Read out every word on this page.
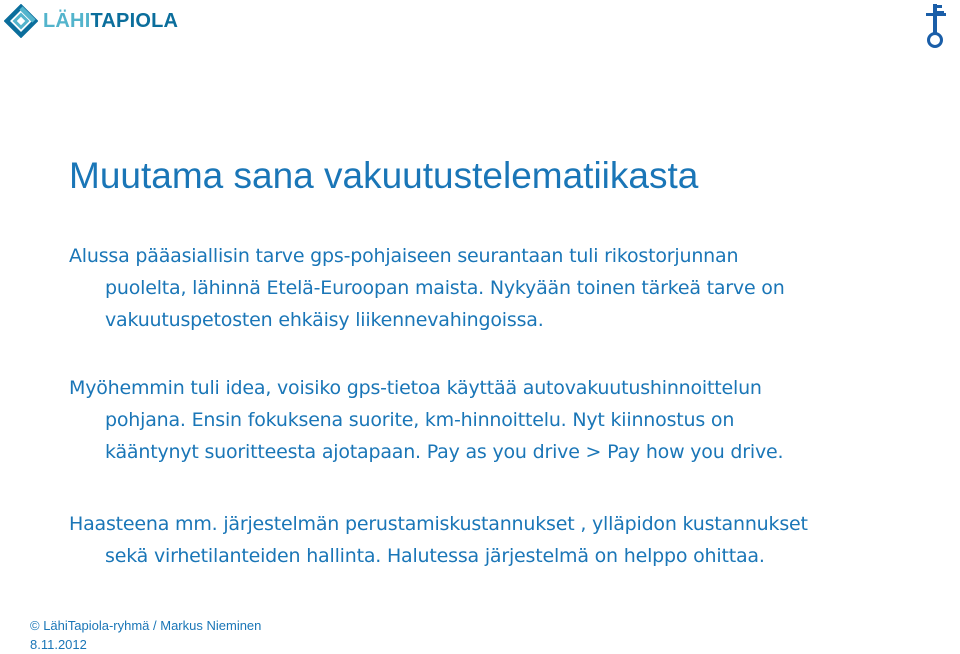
LÄHITAPIOLA
Muutama sana vakuutustelematiikasta

Alussa pääasiallisin tarve gps-pohjaiseen seurantaan tuli rikostorjunnan
puolelta, lähinnä Etelä-Euroopan maista. Nykyään toinen tärkeä tarve on
vakuutuspetosten ehkäisy liikennevahingoissa.

Myöhemmin tuli idea, voisiko gps-tietoa käyttää autovakuutushinnoittelun
pohjana. Ensin fokuksena suorite, km-hinnoittelu. Nyt kiinnostus on
kääntynyt suoritteesta ajotapaan. Pay as you drive > Pay how you drive.

Haasteena mm. järjestelmän perustamiskustannukset , ylläpidon kustannukset
sekä virhetilanteiden hallinta. Halutessa järjestelmä on helppo ohittaa.

© LähiTapiola-ryhmä / Markus Nieminen
8.11.2012
